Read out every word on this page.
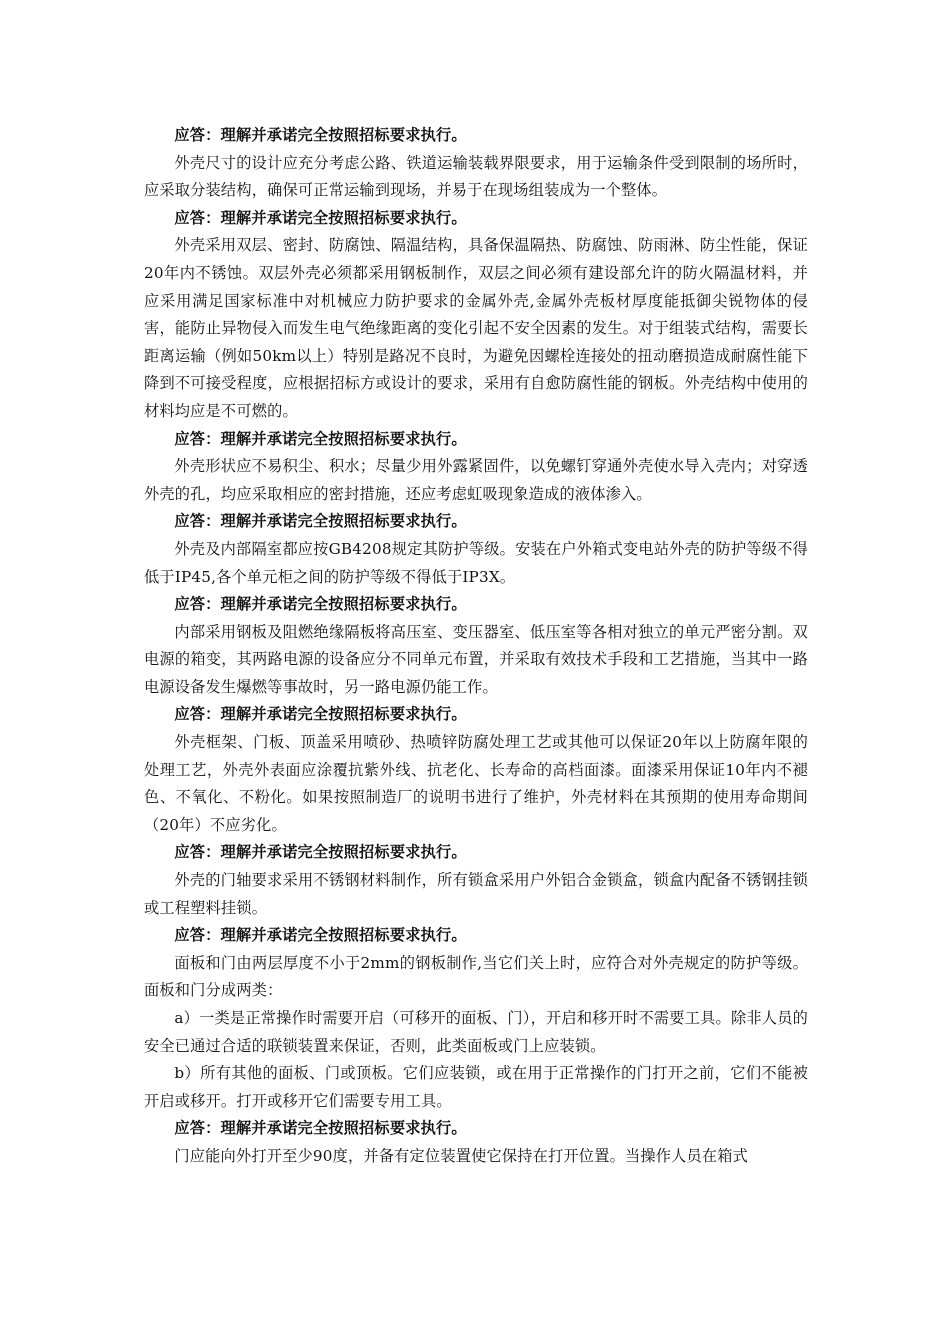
应答：理解并承诺完全按照招标要求执行。

外壳尺寸的设计应充分考虑公路、铁道运输装载界限要求，用于运输条件受到限制的场所时，应采取分装结构，确保可正常运输到现场，并易于在现场组装成为一个整体。

应答：理解并承诺完全按照招标要求执行。

外壳采用双层、密封、防腐蚀、隔温结构，具备保温隔热、防腐蚀、防雨淋、防尘性能，保证20年内不锈蚀。双层外壳必须都采用钢板制作，双层之间必须有建设部允许的防火隔温材料，并应采用满足国家标准中对机械应力防护要求的金属外壳,金属外壳板材厚度能抵御尖锐物体的侵害，能防止异物侵入而发生电气绝缘距离的变化引起不安全因素的发生。对于组装式结构，需要长距离运输（例如50km以上）特别是路况不良时，为避免因螺栓连接处的扭动磨损造成耐腐性能下降到不可接受程度，应根据招标方或设计的要求，采用有自愈防腐性能的钢板。外壳结构中使用的材料均应是不可燃的。

应答：理解并承诺完全按照招标要求执行。

外壳形状应不易积尘、积水；尽量少用外露紧固件，以免螺钉穿通外壳使水导入壳内；对穿透外壳的孔，均应采取相应的密封措施，还应考虑虹吸现象造成的液体渗入。

应答：理解并承诺完全按照招标要求执行。

外壳及内部隔室都应按GB4208规定其防护等级。安装在户外箱式变电站外壳的防护等级不得低于IP45,各个单元柜之间的防护等级不得低于IP3X。

应答：理解并承诺完全按照招标要求执行。

内部采用钢板及阻燃绝缘隔板将高压室、变压器室、低压室等各相对独立的单元严密分割。双电源的箱变，其两路电源的设备应分不同单元布置，并采取有效技术手段和工艺措施，当其中一路电源设备发生爆燃等事故时，另一路电源仍能工作。

应答：理解并承诺完全按照招标要求执行。

外壳框架、门板、顶盖采用喷砂、热喷锌防腐处理工艺或其他可以保证20年以上防腐年限的处理工艺，外壳外表面应涂覆抗紫外线、抗老化、长寿命的高档面漆。面漆采用保证10年内不褪色、不氧化、不粉化。如果按照制造厂的说明书进行了维护，外壳材料在其预期的使用寿命期间（20年）不应劣化。

应答：理解并承诺完全按照招标要求执行。

外壳的门轴要求采用不锈钢材料制作，所有锁盒采用户外铝合金锁盒，锁盒内配备不锈钢挂锁或工程塑料挂锁。

应答：理解并承诺完全按照招标要求执行。

面板和门由两层厚度不小于2mm的钢板制作,当它们关上时，应符合对外壳规定的防护等级。面板和门分成两类：

a）一类是正常操作时需要开启（可移开的面板、门），开启和移开时不需要工具。除非人员的安全已通过合适的联锁装置来保证，否则，此类面板或门上应装锁。

b）所有其他的面板、门或顶板。它们应装锁，或在用于正常操作的门打开之前，它们不能被开启或移开。打开或移开它们需要专用工具。

应答：理解并承诺完全按照招标要求执行。

门应能向外打开至少90度，并备有定位装置使它保持在打开位置。当操作人员在箱式
